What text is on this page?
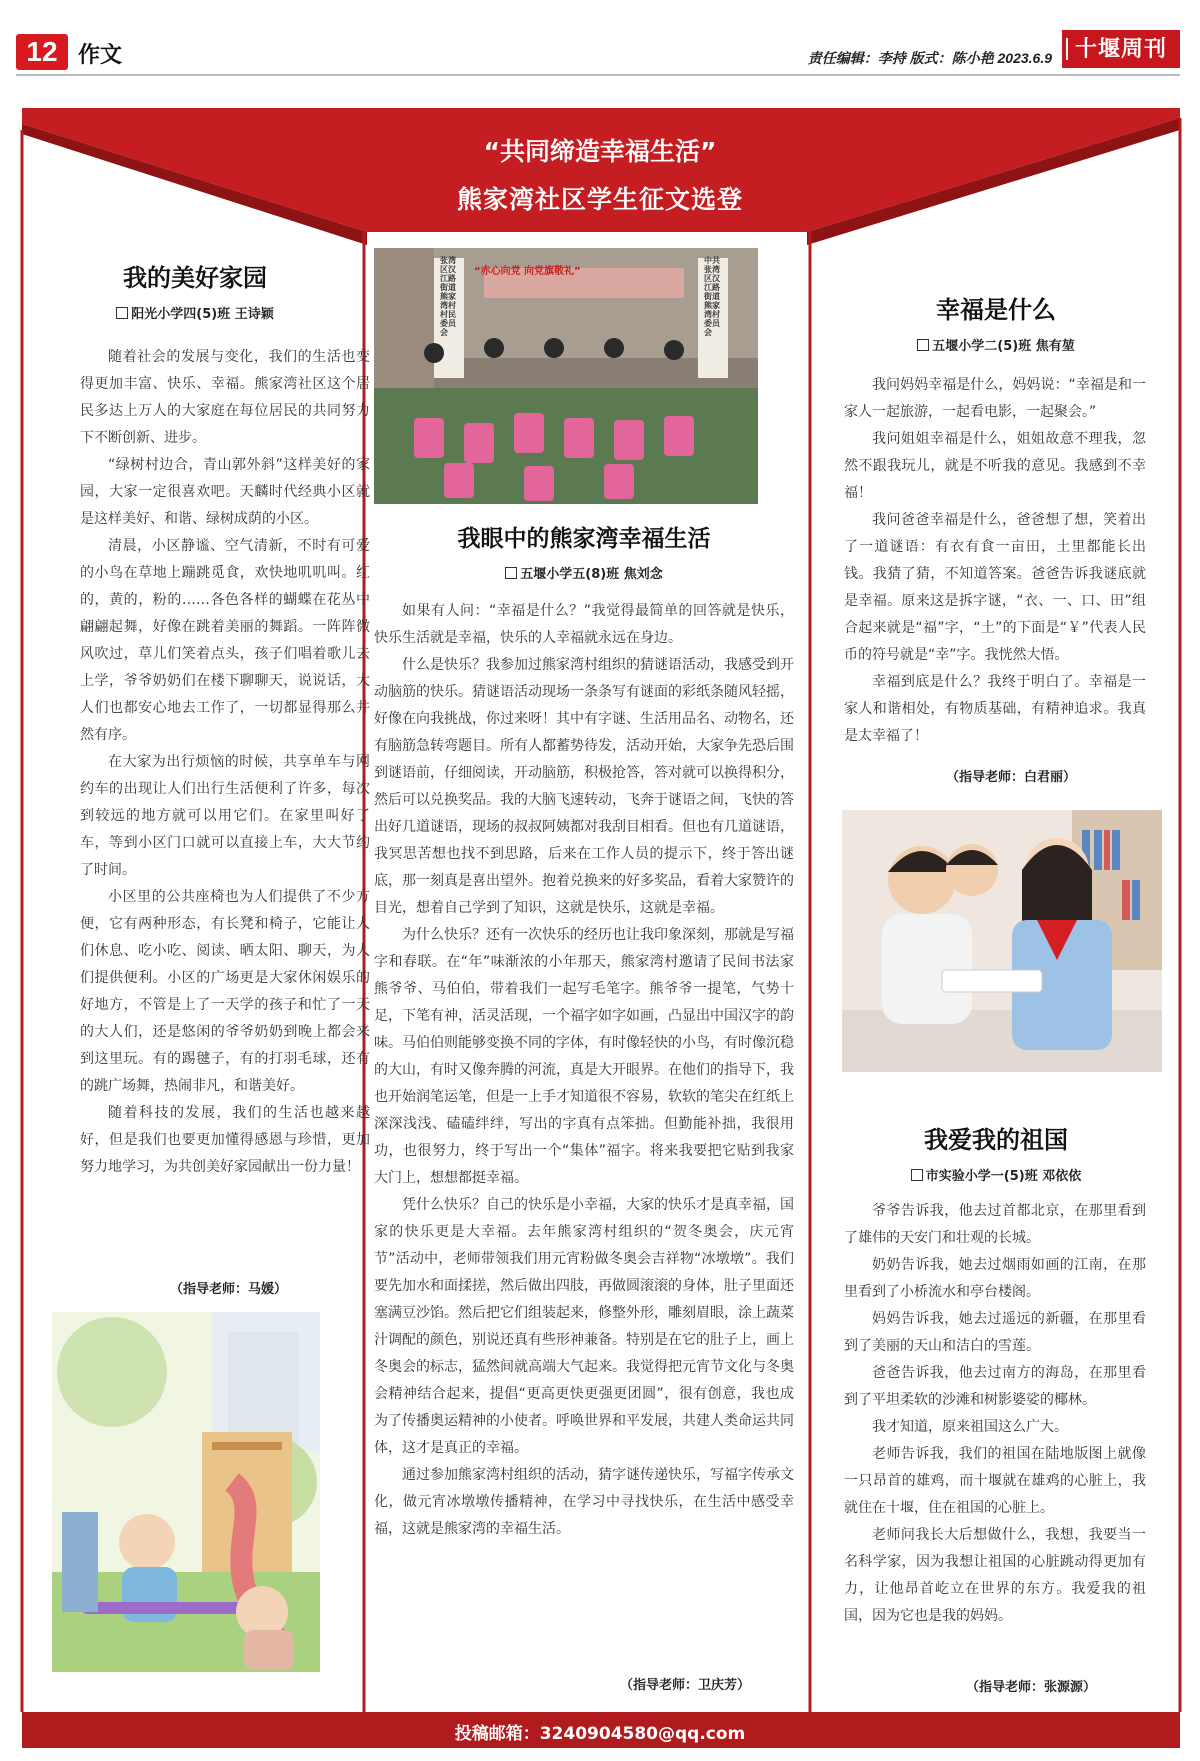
12 作文	责任编辑：李持 版式：陈小艳 2023.6.9	十堰周刊
“共同缔造幸福生活”
熊家湾社区学生征文选登
我的美好家园
阳光小学四(5)班 王诗颖

随着社会的发展与变化，我们的生活也变得更加丰富、快乐、幸福。熊家湾社区这个居民多达上万人的大家庭在每位居民的共同努力下不断创新、进步。

“绿树村边合，青山郭外斜”这样美好的家园，大家一定很喜欢吧。天麟时代经典小区就是这样美好、和谐、绿树成荫的小区。

清晨，小区静谧、空气清新，不时有可爱的小鸟在草地上蹦跳觅食，欢快地叽叽叫。红的，黄的，粉的……各色各样的蝴蝶在花丛中翩翩起舞，好像在跳着美丽的舞蹈。一阵阵微风吹过，草儿们笑着点头，孩子们唱着歌儿去上学，爷爷奶奶们在楼下聊聊天，说说话，大人们也都安心地去工作了，一切都显得那么井然有序。

在大家为出行烦恼的时候，共享单车与网约车的出现让人们出行生活便利了许多，每次到较远的地方就可以用它们。在家里叫好了车，等到小区门口就可以直接上车，大大节约了时间。

小区里的公共座椅也为人们提供了不少方便，它有两种形态，有长凳和椅子，它能让人们休息、吃小吃、阅读、晒太阳、聊天，为人们提供便利。小区的广场更是大家休闲娱乐的好地方，不管是上了一天学的孩子和忙了一天的大人们，还是悠闲的爷爷奶奶到晚上都会来到这里玩。有的踢毽子，有的打羽毛球，还有的跳广场舞，热闹非凡，和谐美好。

随着科技的发展，我们的生活也越来越好，但是我们也要更加懂得感恩与珍惜，更加努力地学习，为共创美好家园献出一份力量！

（指导老师：马媛）
“赤心向党 向党旗敬礼”
张湾区汉江路街道熊家湾村村民委员会
中共张湾区汉江路街道熊家湾村委员会
我眼中的熊家湾幸福生活
五堰小学五(8)班 焦刘念

如果有人问：“幸福是什么？”我觉得最简单的回答就是快乐，快乐生活就是幸福，快乐的人幸福就永远在身边。

什么是快乐？我参加过熊家湾村组织的猜谜语活动，我感受到开动脑筋的快乐。猜谜语活动现场一条条写有谜面的彩纸条随风轻摇，好像在向我挑战，你过来呀！其中有字谜、生活用品名、动物名，还有脑筋急转弯题目。所有人都蓄势待发，活动开始，大家争先恐后围到谜语前，仔细阅读，开动脑筋，积极抢答，答对就可以换得积分，然后可以兑换奖品。我的大脑飞速转动，飞奔于谜语之间，飞快的答出好几道谜语，现场的叔叔阿姨都对我刮目相看。但也有几道谜语，我冥思苦想也找不到思路，后来在工作人员的提示下，终于答出谜底，那一刻真是喜出望外。抱着兑换来的好多奖品，看着大家赞许的目光，想着自己学到了知识，这就是快乐，这就是幸福。

为什么快乐？还有一次快乐的经历也让我印象深刻，那就是写福字和春联。在“年”味渐浓的小年那天，熊家湾村邀请了民间书法家熊爷爷、马伯伯，带着我们一起写毛笔字。熊爷爷一提笔，气势十足，下笔有神，活灵活现，一个福字如字如画，凸显出中国汉字的韵味。马伯伯则能够变换不同的字体，有时像轻快的小鸟，有时像沉稳的大山，有时又像奔腾的河流，真是大开眼界。在他们的指导下，我也开始润笔运笔，但是一上手才知道很不容易，软软的笔尖在红纸上深深浅浅、磕磕绊绊，写出的字真有点笨拙。但勤能补拙，我很用功，也很努力，终于写出一个“集体”福字。将来我要把它贴到我家大门上，想想都挺幸福。

凭什么快乐？自己的快乐是小幸福，大家的快乐才是真幸福，国家的快乐更是大幸福。去年熊家湾村组织的“贺冬奥会，庆元宵节”活动中，老师带领我们用元宵粉做冬奥会吉祥物“冰墩墩”。我们要先加水和面揉搓，然后做出四肢，再做圆滚滚的身体，肚子里面还塞满豆沙馅。然后把它们组装起来，修整外形，雕刻眉眼，涂上蔬菜汁调配的颜色，别说还真有些形神兼备。特别是在它的肚子上，画上冬奥会的标志，猛然间就高端大气起来。我觉得把元宵节文化与冬奥会精神结合起来，提倡“更高更快更强更团圆”，很有创意，我也成为了传播奥运精神的小使者。呼唤世界和平发展，共建人类命运共同体，这才是真正的幸福。

通过参加熊家湾村组织的活动，猜字谜传递快乐，写福字传承文化，做元宵冰墩墩传播精神，在学习中寻找快乐，在生活中感受幸福，这就是熊家湾的幸福生活。

（指导老师：卫庆芳）
幸福是什么
五堰小学二(5)班 焦有堃

我问妈妈幸福是什么，妈妈说：“幸福是和一家人一起旅游，一起看电影，一起聚会。”

我问姐姐幸福是什么，姐姐故意不理我，忽然不跟我玩儿，就是不听我的意见。我感到不幸福！

我问爸爸幸福是什么，爸爸想了想，笑着出了一道谜语：有衣有食一亩田，土里都能长出钱。我猜了猜，不知道答案。爸爸告诉我谜底就是幸福。原来这是拆字谜，“衣、一、口、田”组合起来就是“福”字，“土”的下面是“￥”代表人民币的符号就是“幸”字。我恍然大悟。

幸福到底是什么？我终于明白了。幸福是一家人和谐相处，有物质基础，有精神追求。我真是太幸福了！

（指导老师：白君丽）
我爱我的祖国
市实验小学一(5)班 邓依依

爷爷告诉我，他去过首都北京，在那里看到了雄伟的天安门和壮观的长城。

奶奶告诉我，她去过烟雨如画的江南，在那里看到了小桥流水和亭台楼阁。

妈妈告诉我，她去过遥远的新疆，在那里看到了美丽的天山和洁白的雪莲。

爸爸告诉我，他去过南方的海岛，在那里看到了平坦柔软的沙滩和树影婆娑的椰林。

我才知道，原来祖国这么广大。

老师告诉我，我们的祖国在陆地版图上就像一只昂首的雄鸡，而十堰就在雄鸡的心脏上，我就住在十堰，住在祖国的心脏上。

老师问我长大后想做什么，我想，我要当一名科学家，因为我想让祖国的心脏跳动得更加有力，让他昂首屹立在世界的东方。我爱我的祖国，因为它也是我的妈妈。

（指导老师：张源源）
投稿邮箱：3240904580@qq.com
